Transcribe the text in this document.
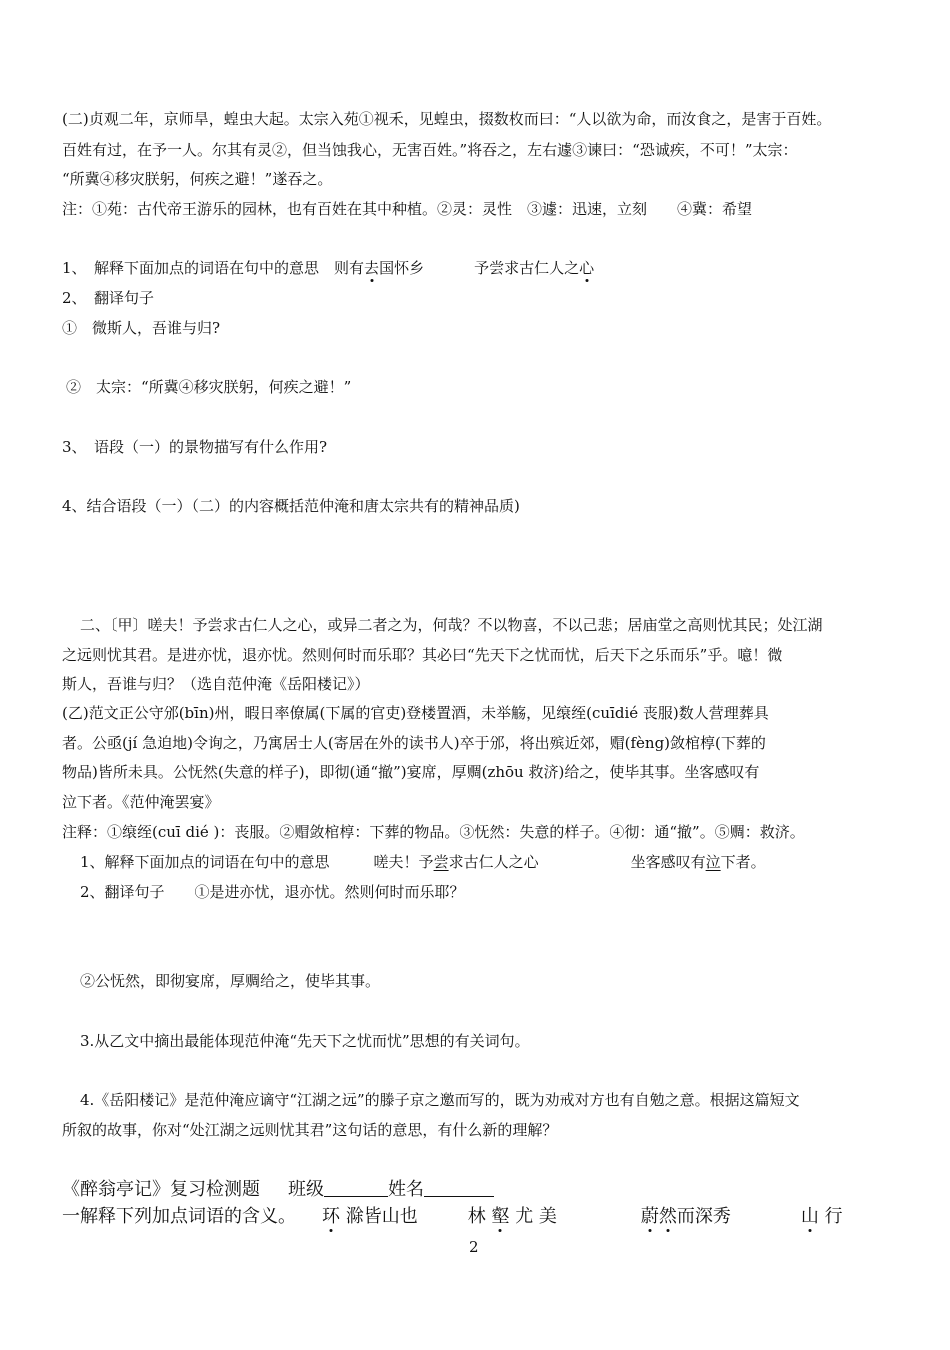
(二)贞观二年，京师旱，蝗虫大起。太宗入苑①视禾，见蝗虫，掇数枚而曰：“人以欲为命，而汝食之，是害于百姓。
百姓有过，在予一人。尔其有灵②，但当蚀我心，无害百姓。”将吞之，左右遽③谏曰：“恐诚疾，不可！”太宗：
“所冀④移灾朕躬，何疾之避！”遂吞之。
注：①苑：古代帝王游乐的园林，也有百姓在其中种植。②灵：灵性　③遽：迅速，立刻　　④冀：希望
1、　解释下面加点的词语在句中的意思　则有去国怀乡	予尝求古仁人之心
2、　翻译句子
①　微斯人，吾谁与归?
②　太宗：“所冀④移灾朕躬，何疾之避！”
3、　语段（一）的景物描写有什么作用?
4、结合语段（一）（二）的内容概括范仲淹和唐太宗共有的精神品质)
二、〔甲〕嗟夫！予尝求古仁人之心，或异二者之为，何哉？不以物喜，不以己悲；居庙堂之高则忧其民；处江湖
之远则忧其君。是进亦忧，退亦忧。然则何时而乐耶？其必曰“先天下之忧而忧，后天下之乐而乐”乎。噫！微
斯人，吾谁与归？（选自范仲淹《岳阳楼记》）
(乙)范文正公守邠(bīn)州，暇日率僚属(下属的官吏)登楼置酒，未举觞，见缞绖(cuīdié 丧服)数人营理葬具
者。公亟(jí 急迫地)令询之，乃寓居士人(寄居在外的读书人)卒于邠，将出殡近郊，赗(fèng)敛棺椁(下葬的
物品)皆所未具。公怃然(失意的样子)，即彻(通“撤”)宴席，厚赒(zhōu 救济)给之，使毕其事。坐客感叹有
泣下者。《范仲淹罢宴》
注释：①缞绖(cuī dié )：丧服。②赗敛棺椁：下葬的物品。③怃然：失意的样子。④彻：通“撤”。⑤赒：救济。
1、解释下面加点的词语在句中的意思	嗟夫！予尝求古仁人之心	坐客感叹有泣下者。
2、翻译句子　　①是进亦忧，退亦忧。然则何时而乐耶？
②公怃然，即彻宴席，厚赒给之，使毕其事。
3.从乙文中摘出最能体现范仲淹“先天下之忧而忧”思想的有关词句。
4.《岳阳楼记》是范仲淹应谪守“江湖之远”的滕子京之邀而写的，既为劝戒对方也有自勉之意。根据这篇短文
所叙的故事，你对“处江湖之远则忧其君”这句话的意思，有什么新的理解？
《醉翁亭记》复习检测题 班级	姓名
一解释下列加点词语的含义。 环 滁皆山也	林 壑 尤 美	蔚然而深秀	山 行
2
